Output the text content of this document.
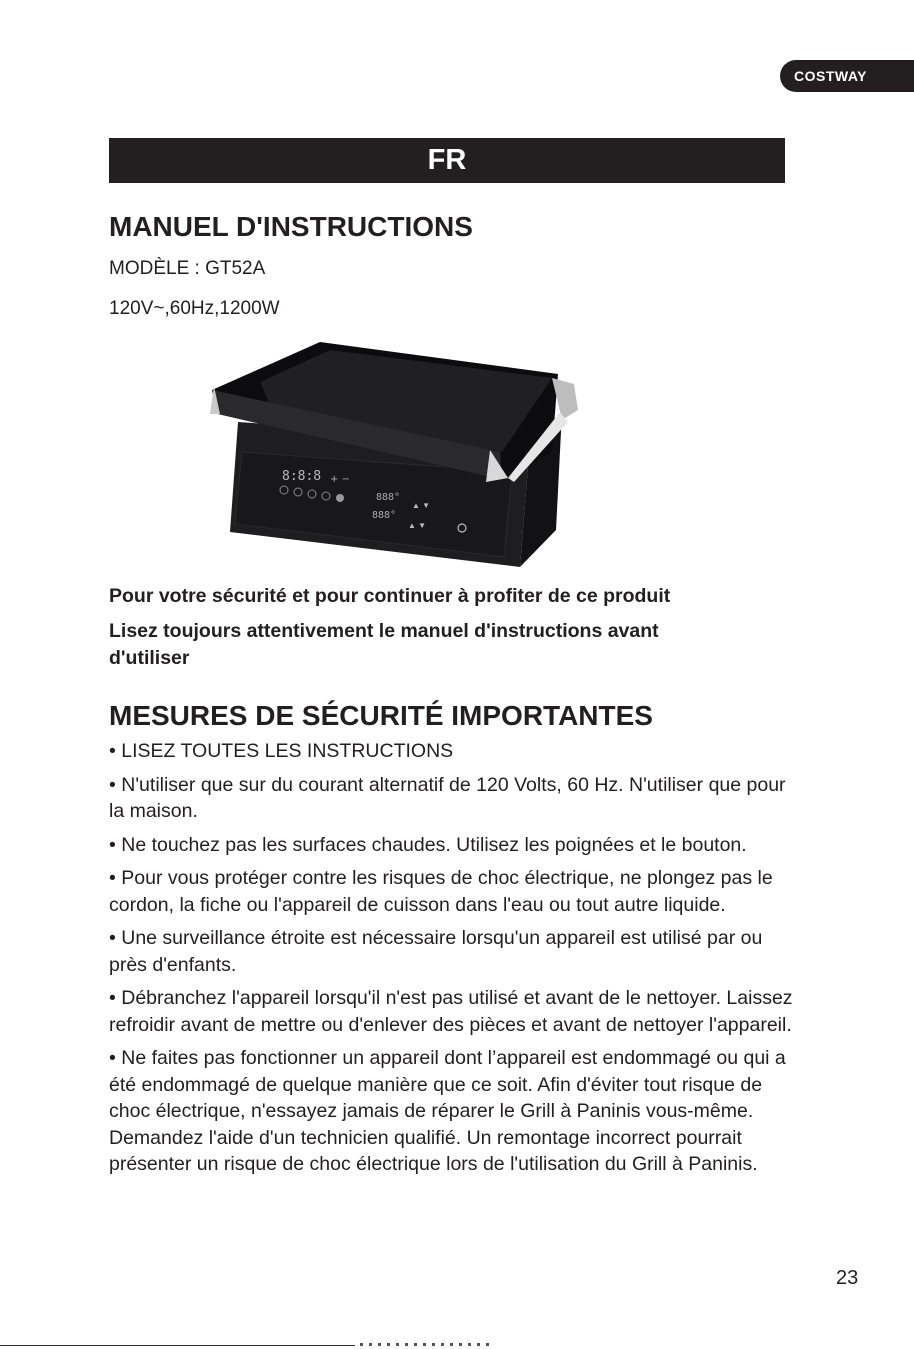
COSTWAY
FR
MANUEL D'INSTRUCTIONS

MODÈLE : GT52A

120V~,60Hz,1200W

8:8:8 + −
888°
888°
▲ ▼
▲ ▼

Pour votre sécurité et pour continuer à profiter de ce produit

Lisez toujours attentivement le manuel d'instructions avant

d'utiliser

MESURES DE SÉCURITÉ IMPORTANTES
• LISEZ TOUTES LES INSTRUCTIONS
• N'utiliser que sur du courant alternatif de 120 Volts, 60 Hz. N'utiliser que pour la maison.
• Ne touchez pas les surfaces chaudes. Utilisez les poignées et le bouton.
• Pour vous protéger contre les risques de choc électrique, ne plongez pas le cordon, la fiche ou l'appareil de cuisson dans l'eau ou tout autre liquide.
• Une surveillance étroite est nécessaire lorsqu'un appareil est utilisé par ou près d'enfants.
• Débranchez l'appareil lorsqu'il n'est pas utilisé et avant de le nettoyer. Laissez refroidir avant de mettre ou d'enlever des pièces et avant de nettoyer l'appareil.
• Ne faites pas fonctionner un appareil dont l’appareil est endommagé ou qui a été endommagé de quelque manière que ce soit. Afin d'éviter tout risque de choc électrique, n'essayez jamais de réparer le Grill à Paninis vous-même. Demandez l'aide d'un technicien qualifié. Un remontage incorrect pourrait présenter un risque de choc électrique lors de l'utilisation du Grill à Paninis.
23
